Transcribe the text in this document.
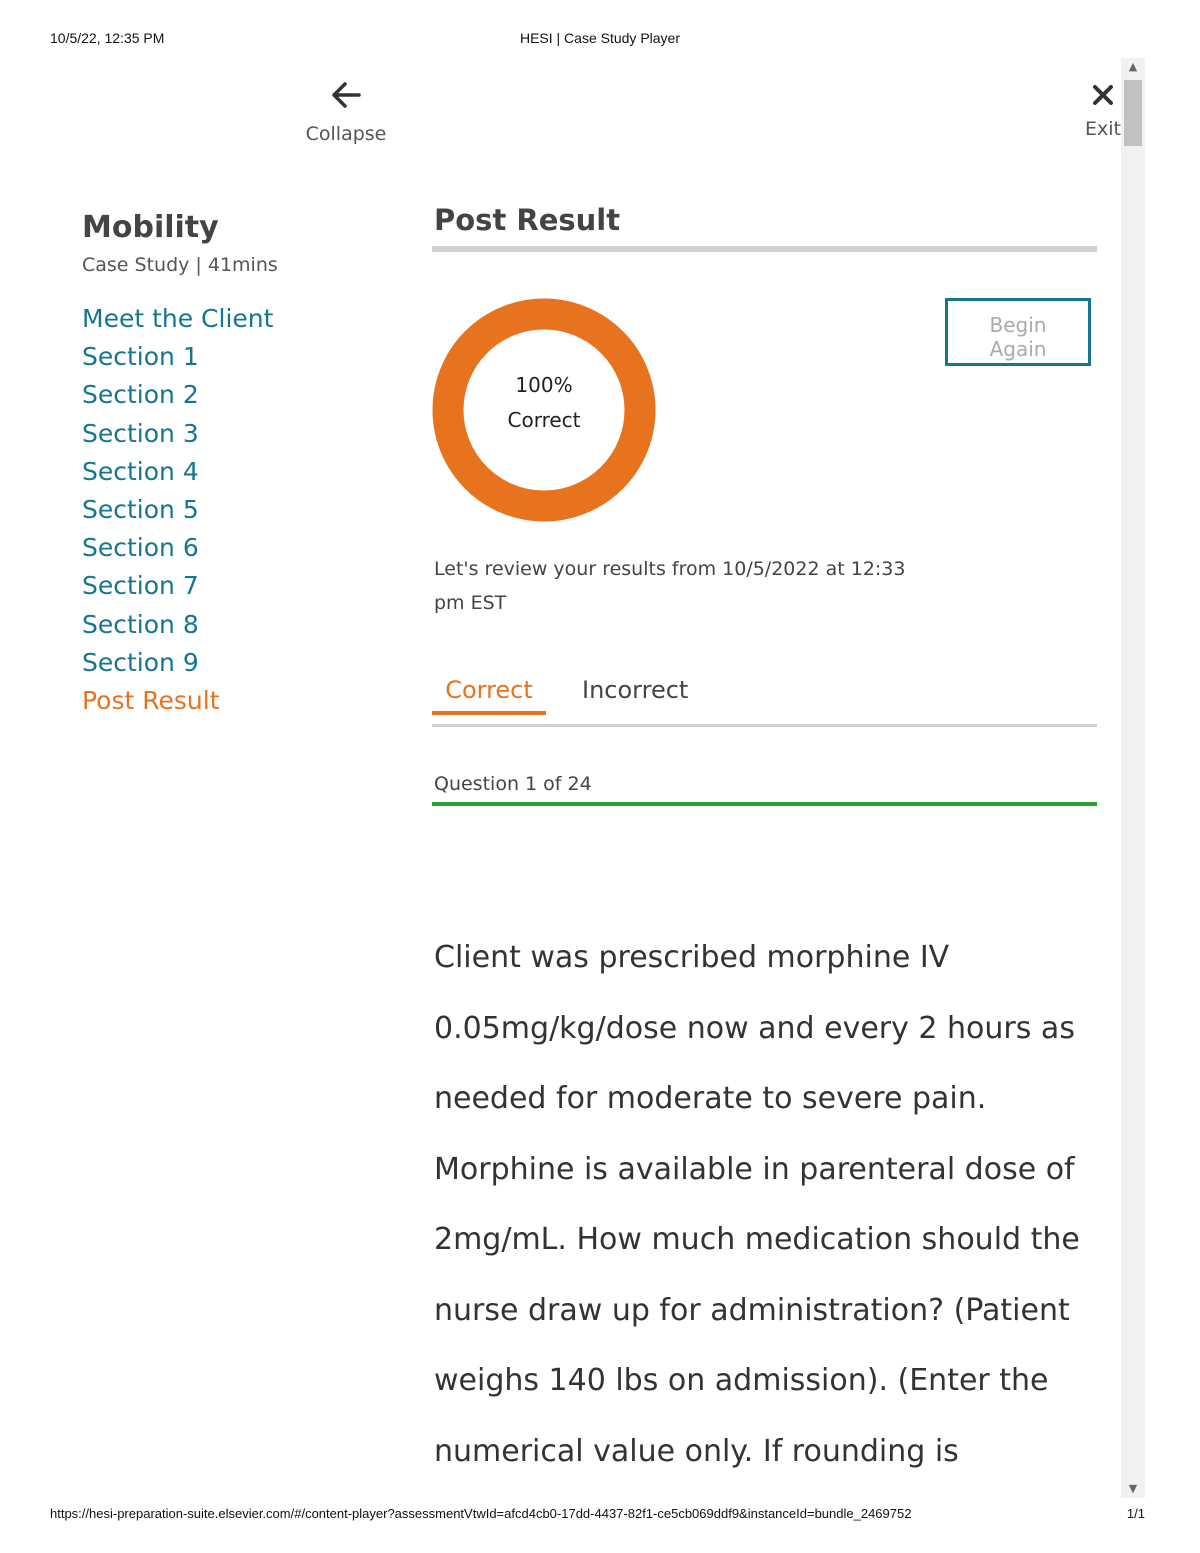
10/5/22, 12:35 PM	HESI | Case Study Player
Collapse	Exit
▲
▼
Mobility
Case Study | 41mins
Meet the Client
Section 1
Section 2
Section 3
Section 4
Section 5
Section 6
Section 7
Section 8
Section 9
Post Result
Post Result
100%
Correct
Begin
Again
Let's review your results from 10/5/2022 at 12:33 pm EST
Correct	Incorrect
Question 1 of 24

Client was prescribed morphine IV 0.05mg/kg/dose now and every 2 hours as needed for moderate to severe pain. Morphine is available in parenteral dose of 2mg/mL. How much medication should the nurse draw up for administration? (Patient weighs 140 lbs on admission). (Enter the numerical value only. If rounding is

https://hesi-preparation-suite.elsevier.com/#/content-player?assessmentVtwId=afcd4cb0-17dd-4437-82f1-ce5cb069ddf9&instanceId=bundle_2469752	1/1
